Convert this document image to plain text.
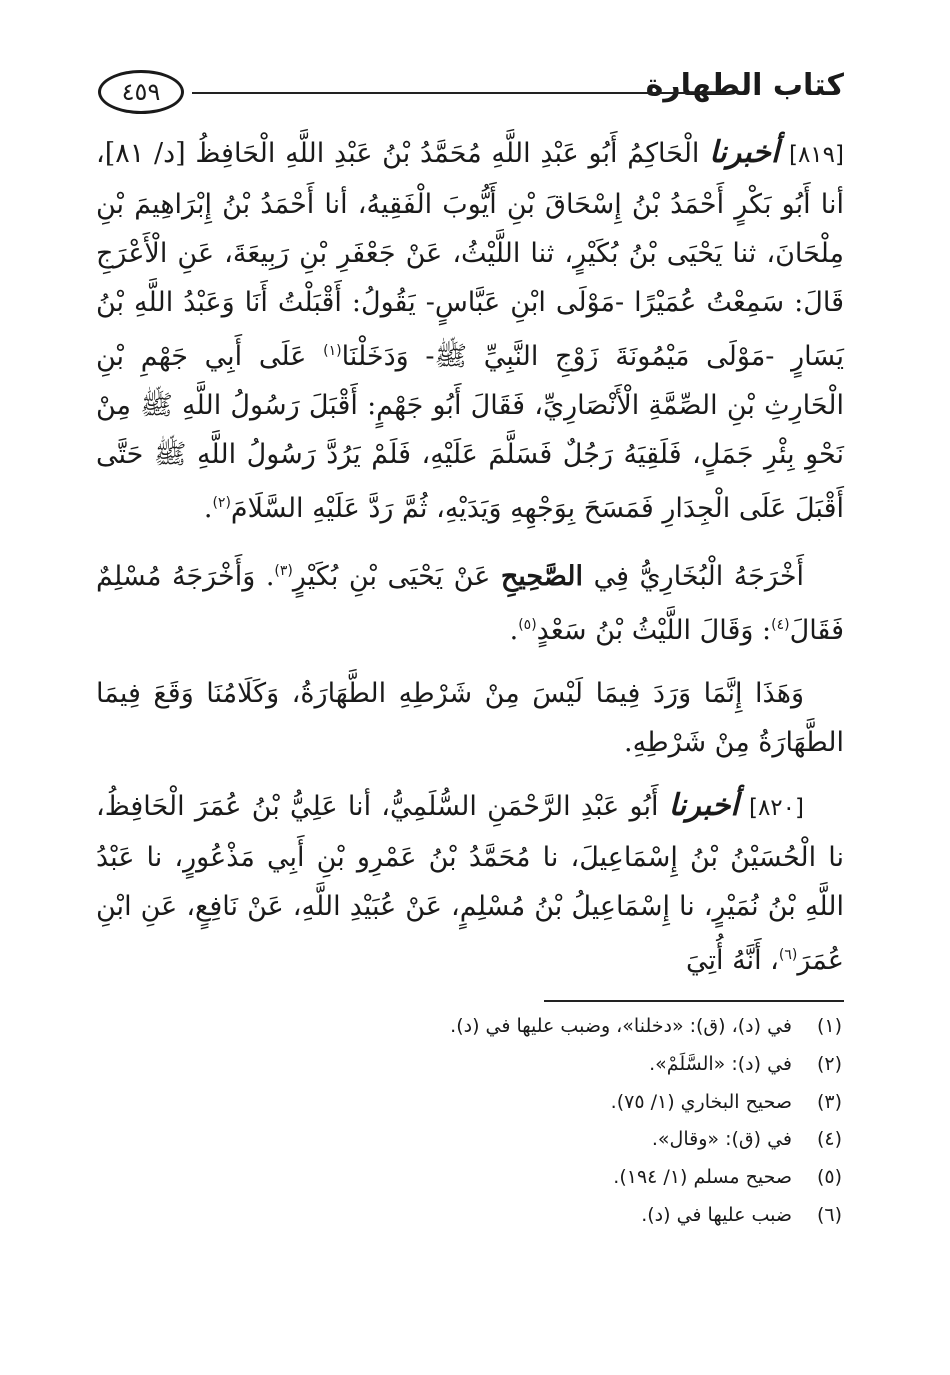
كتاب الطهارة
٤٥٩

[٨١٩] أخبرنا الْحَاكِمُ أَبُو عَبْدِ اللَّهِ مُحَمَّدُ بْنُ عَبْدِ اللَّهِ الْحَافِظُ [د/ ٨١]، أنا أَبُو بَكْرٍ أَحْمَدُ بْنُ إِسْحَاقَ بْنِ أَيُّوبَ الْفَقِيهُ، أنا أَحْمَدُ بْنُ إِبْرَاهِيمَ بْنِ مِلْحَانَ، ثنا يَحْيَى بْنُ بُكَيْرٍ، ثنا اللَّيْثُ، عَنْ جَعْفَرِ بْنِ رَبِيعَةَ، عَنِ الْأَعْرَجِ قَالَ: سَمِعْتُ عُمَيْرًا -مَوْلَى ابْنِ عَبَّاسٍ- يَقُولُ: أَقْبَلْتُ أَنَا وَعَبْدُ اللَّهِ بْنُ يَسَارٍ -مَوْلَى مَيْمُونَةَ زَوْجِ النَّبِيِّ ﷺ- وَدَخَلْنَا$^{(١)}$ عَلَى أَبِي جَهْمِ بْنِ الْحَارِثِ بْنِ الصِّمَّةِ الْأَنْصَارِيِّ، فَقَالَ أَبُو جَهْمٍ: أَقْبَلَ رَسُولُ اللَّهِ ﷺ مِنْ نَحْوِ بِئْرِ جَمَلٍ، فَلَقِيَهُ رَجُلٌ فَسَلَّمَ عَلَيْهِ، فَلَمْ يَرُدَّ رَسُولُ اللَّهِ ﷺ حَتَّى أَقْبَلَ عَلَى الْجِدَارِ فَمَسَحَ بِوَجْهِهِ وَيَدَيْهِ، ثُمَّ رَدَّ عَلَيْهِ السَّلَامَ$^{(٢)}$.

أَخْرَجَهُ الْبُخَارِيُّ فِي الصَّحِيحِ عَنْ يَحْيَى بْنِ بُكَيْرٍ$^{(٣)}$. وَأَخْرَجَهُ مُسْلِمٌ فَقَالَ$^{(٤)}$: وَقَالَ اللَّيْثُ بْنُ سَعْدٍ$^{(٥)}$.

وَهَذَا إِنَّمَا وَرَدَ فِيمَا لَيْسَ مِنْ شَرْطِهِ الطَّهَارَةُ، وَكَلَامُنَا وَقَعَ فِيمَا الطَّهَارَةُ مِنْ شَرْطِهِ.

[٨٢٠] أخبرنا أَبُو عَبْدِ الرَّحْمَنِ السُّلَمِيُّ، أنا عَلِيُّ بْنُ عُمَرَ الْحَافِظُ، نا الْحُسَيْنُ بْنُ إِسْمَاعِيلَ، نا مُحَمَّدُ بْنُ عَمْرِو بْنِ أَبِي مَذْعُورٍ، نا عَبْدُ اللَّهِ بْنُ نُمَيْرٍ، نا إِسْمَاعِيلُ بْنُ مُسْلِمٍ، عَنْ عُبَيْدِ اللَّهِ، عَنْ نَافِعٍ، عَنِ ابْنِ عُمَرَ$^{(٦)}$، أَنَّهُ أُتِيَ

(١)
في (د)، (ق): «دخلنا»، وضبب عليها في (د).
(٢)
في (د): «السَّلَمْ».
(٣)
صحيح البخاري (١/ ٧٥).
(٤)
في (ق): «وقال».
(٥)
صحيح مسلم (١/ ١٩٤).
(٦)
ضبب عليها في (د).
